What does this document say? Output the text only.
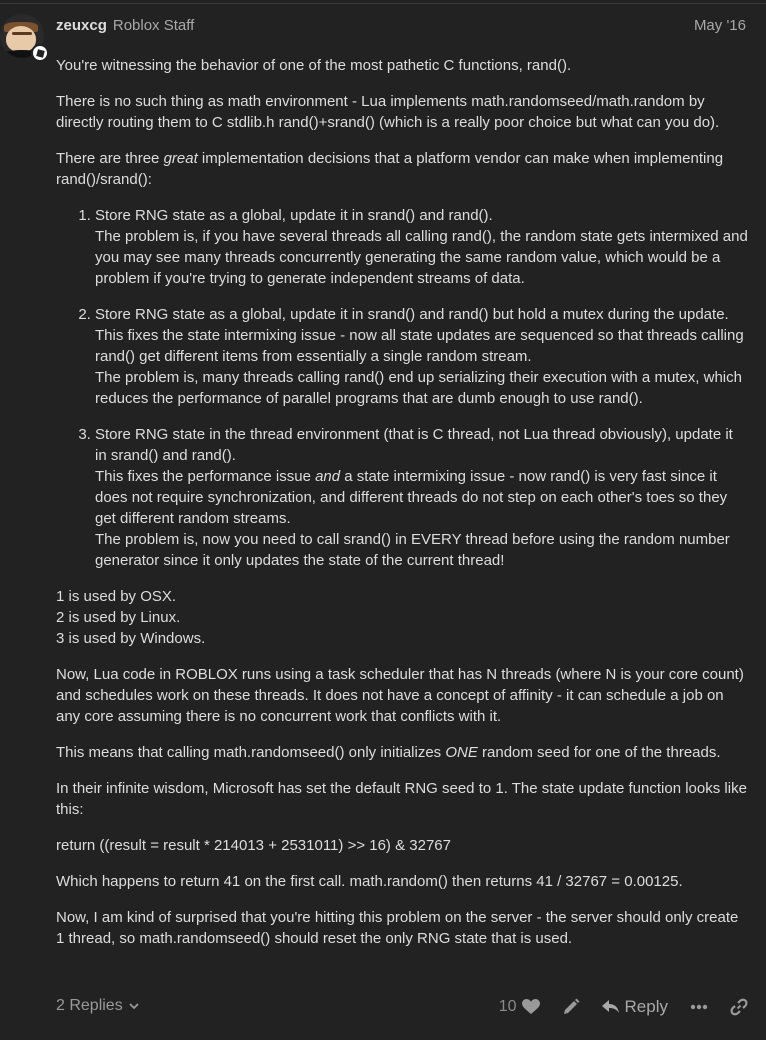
zeuxcg Roblox Staff	May '16

You're witnessing the behavior of one of the most pathetic C functions, rand().

There is no such thing as math environment - Lua implements math.randomseed/math.random by directly routing them to C stdlib.h rand()+srand() (which is a really poor choice but what can you do).

There are three great implementation decisions that a platform vendor can make when implementing rand()/srand():

1. Store RNG state as a global, update it in srand() and rand().
The problem is, if you have several threads all calling rand(), the random state gets intermixed and you may see many threads concurrently generating the same random value, which would be a problem if you're trying to generate independent streams of data.
2. Store RNG state as a global, update it in srand() and rand() but hold a mutex during the update.
This fixes the state intermixing issue - now all state updates are sequenced so that threads calling rand() get different items from essentially a single random stream.
The problem is, many threads calling rand() end up serializing their execution with a mutex, which reduces the performance of parallel programs that are dumb enough to use rand().
3. Store RNG state in the thread environment (that is C thread, not Lua thread obviously), update it in srand() and rand().
This fixes the performance issue and a state intermixing issue - now rand() is very fast since it does not require synchronization, and different threads do not step on each other's toes so they get different random streams.
The problem is, now you need to call srand() in EVERY thread before using the random number generator since it only updates the state of the current thread!

1 is used by OSX.
2 is used by Linux.
3 is used by Windows.

Now, Lua code in ROBLOX runs using a task scheduler that has N threads (where N is your core count) and schedules work on these threads. It does not have a concept of affinity - it can schedule a job on any core assuming there is no concurrent work that conflicts with it.

This means that calling math.randomseed() only initializes ONE random seed for one of the threads.

In their infinite wisdom, Microsoft has set the default RNG seed to 1. The state update function looks like this:

return ((result = result * 214013 + 2531011) >> 16) & 32767

Which happens to return 41 on the first call. math.random() then returns 41 / 32767 = 0.00125.

Now, I am kind of surprised that you're hitting this problem on the server - the server should only create 1 thread, so math.randomseed() should reset the only RNG state that is used.

2 Replies	10	Reply
